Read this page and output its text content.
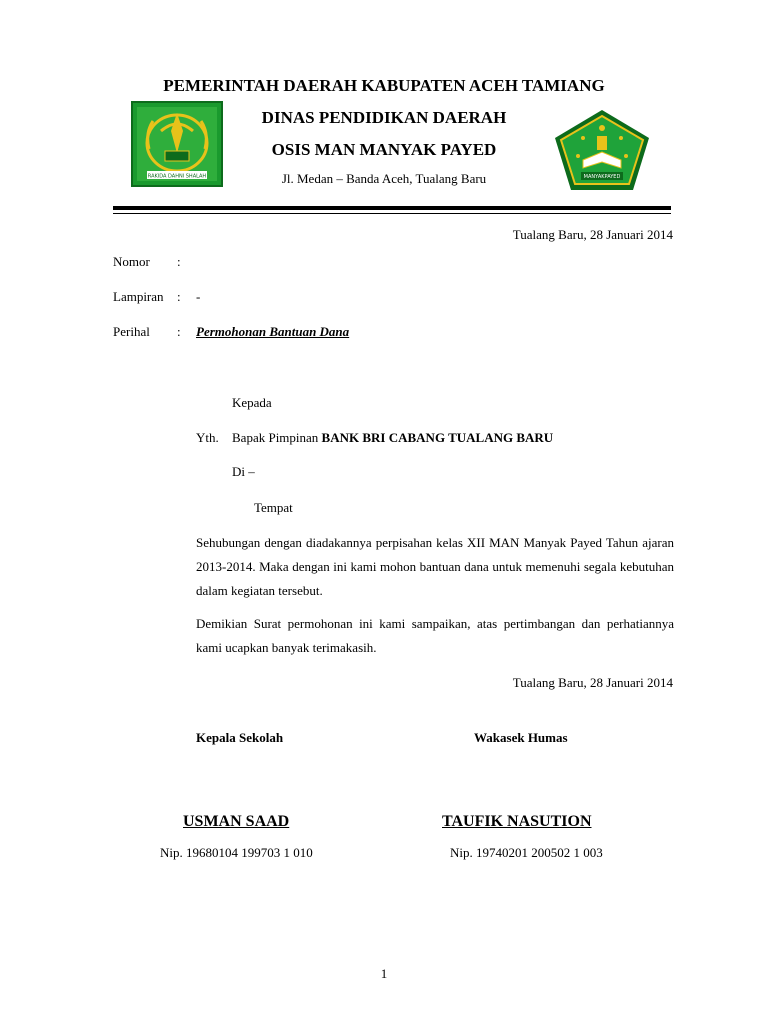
RAKIDA DAHNI SHALAH	MANYAKPAYED
PEMERINTAH DAERAH KABUPATEN ACEH TAMIANG
DINAS PENDIDIKAN DAERAH
OSIS MAN MANYAK PAYED
Jl. Medan – Banda Aceh, Tualang Baru
Tualang Baru, 28 Januari 2014
Nomor :
Lampiran : -
Perihal : Permohonan Bantuan Dana
Kepada
Yth. Bapak Pimpinan BANK BRI CABANG TUALANG BARU
Di –
Tempat
Sehubungan dengan diadakannya perpisahan kelas XII MAN Manyak Payed Tahun ajaran 2013-2014. Maka dengan ini kami mohon bantuan dana untuk memenuhi segala kebutuhan dalam kegiatan tersebut.
Demikian Surat permohonan ini kami sampaikan, atas pertimbangan dan perhatiannya kami ucapkan banyak terimakasih.
Tualang Baru, 28 Januari 2014
Kepala Sekolah	Wakasek Humas
USMAN SAAD	TAUFIK NASUTION
Nip. 19680104 199703 1 010	Nip. 19740201 200502 1 003
1
